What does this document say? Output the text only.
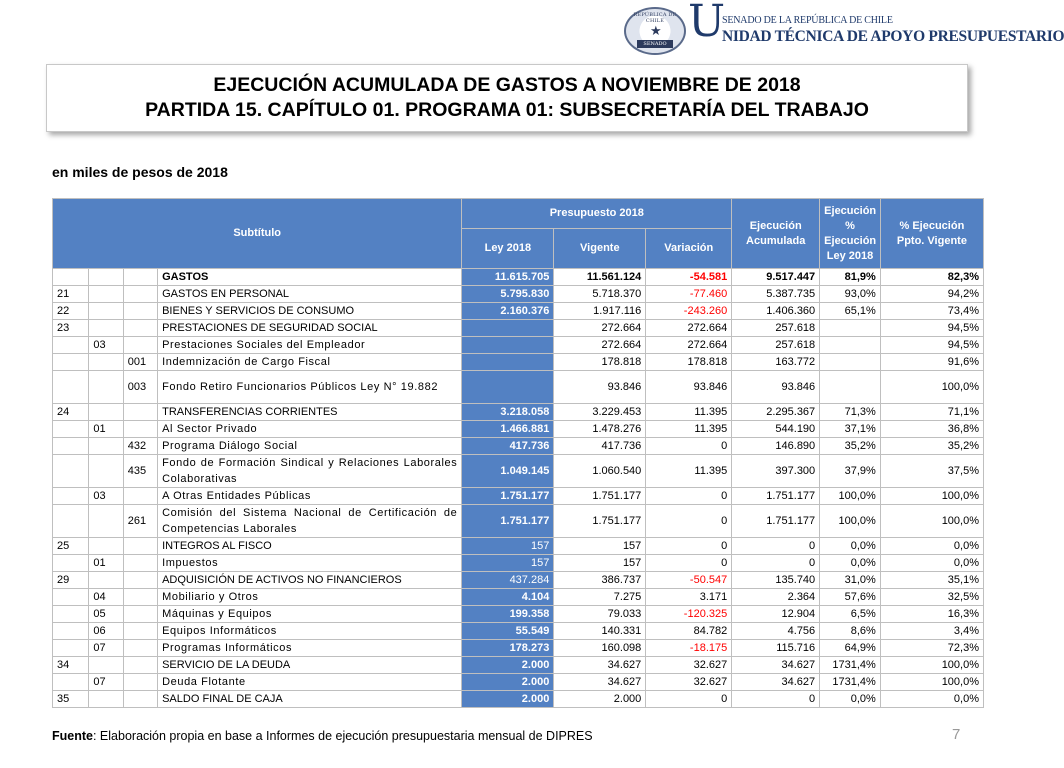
REPÚBLICA DE CHILE
★
SENADO U
SENADO DE LA REPÚBLICA DE CHILE
NIDAD TÉCNICA DE APOYO PRESUPUESTARIO
EJECUCIÓN ACUMULADA DE GASTOS A NOVIEMBRE DE 2018
PARTIDA 15. CAPÍTULO 01. PROGRAMA 01: SUBSECRETARÍA DEL TRABAJO
en miles de pesos de 2018
Subtítulo				Presupuesto 2018			Ejecución Acumulada	Ejecución % Ejecución Ley 2018	% Ejecución Ppto. Vigente
				Ley 2018	Vigente	Variación			

			GASTOS	11.615.705	11.561.124	-54.581	9.517.447	81,9%	82,3%
21			GASTOS EN PERSONAL	5.795.830	5.718.370	-77.460	5.387.735	93,0%	94,2%
22			BIENES Y SERVICIOS DE CONSUMO	2.160.376	1.917.116	-243.260	1.406.360	65,1%	73,4%
23			PRESTACIONES DE SEGURIDAD SOCIAL		272.664	272.664	257.618		94,5%
	03		Prestaciones Sociales del Empleador		272.664	272.664	257.618		94,5%
		001	Indemnización de Cargo Fiscal		178.818	178.818	163.772		91,6%
		003	Fondo Retiro Funcionarios Públicos Ley N° 19.882		93.846	93.846	93.846		100,0%
24			TRANSFERENCIAS CORRIENTES	3.218.058	3.229.453	11.395	2.295.367	71,3%	71,1%
	01		Al Sector Privado	1.466.881	1.478.276	11.395	544.190	37,1%	36,8%
		432	Programa Diálogo Social	417.736	417.736	0	146.890	35,2%	35,2%
		435	Fondo de Formación Sindical y Relaciones Laborales Colaborativas	1.049.145	1.060.540	11.395	397.300	37,9%	37,5%
	03		A Otras Entidades Públicas	1.751.177	1.751.177	0	1.751.177	100,0%	100,0%
		261	Comisión del Sistema Nacional de Certificación de Competencias Laborales	1.751.177	1.751.177	0	1.751.177	100,0%	100,0%
25			INTEGROS AL FISCO	157	157	0	0	0,0%	0,0%
	01		Impuestos	157	157	0	0	0,0%	0,0%
29			ADQUISICIÓN DE ACTIVOS NO FINANCIEROS	437.284	386.737	-50.547	135.740	31,0%	35,1%
	04		Mobiliario y Otros	4.104	7.275	3.171	2.364	57,6%	32,5%
	05		Máquinas y Equipos	199.358	79.033	-120.325	12.904	6,5%	16,3%
	06		Equipos Informáticos	55.549	140.331	84.782	4.756	8,6%	3,4%
	07		Programas Informáticos	178.273	160.098	-18.175	115.716	64,9%	72,3%
34			SERVICIO DE LA DEUDA	2.000	34.627	32.627	34.627	1731,4%	100,0%
	07		Deuda Flotante	2.000	34.627	32.627	34.627	1731,4%	100,0%
35			SALDO FINAL DE CAJA	2.000	2.000	0	0	0,0%	0,0%
Fuente: Elaboración propia en base a Informes de ejecución presupuestaria mensual de DIPRES	7
